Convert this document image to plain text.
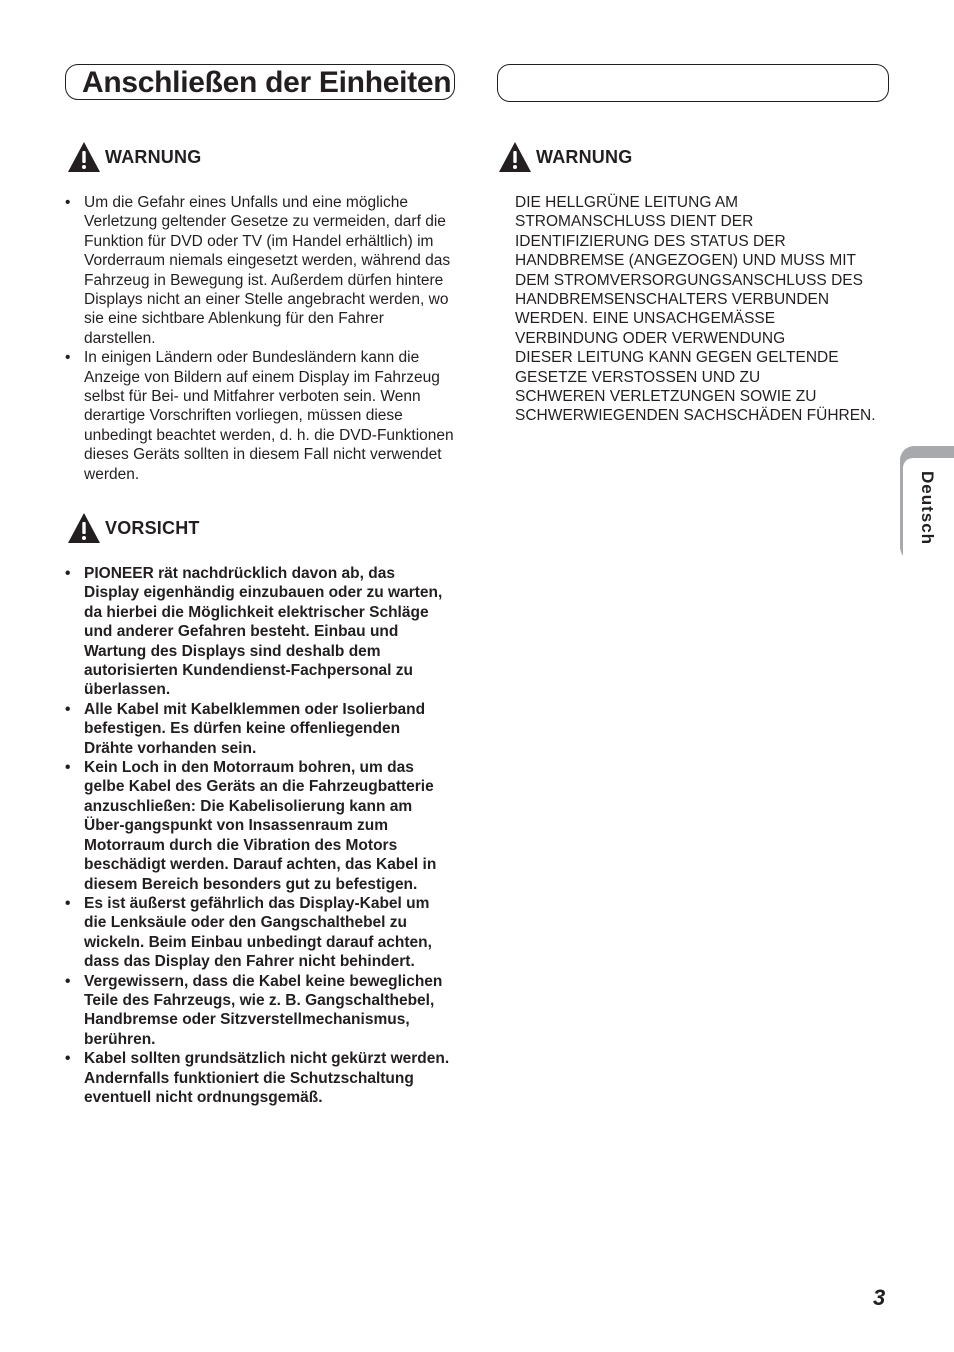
Anschließen der Einheiten
WARNUNG
• Um die Gefahr eines Unfalls und eine mögliche Verletzung geltender Gesetze zu vermeiden, darf die Funktion für DVD oder TV (im Handel erhältlich) im Vorderraum niemals eingesetzt werden, während das Fahrzeug in Bewegung ist. Außerdem dürfen hintere Displays nicht an einer Stelle angebracht werden, wo sie eine sichtbare Ablenkung für den Fahrer darstellen.
• In einigen Ländern oder Bundesländern kann die Anzeige von Bildern auf einem Display im Fahrzeug selbst für Bei- und Mitfahrer verboten sein. Wenn derartige Vorschriften vorliegen, müssen diese unbedingt beachtet werden, d. h. die DVD-Funktionen dieses Geräts sollten in diesem Fall nicht verwendet werden.
VORSICHT
• PIONEER rät nachdrücklich davon ab, das Display eigenhändig einzubauen oder zu warten, da hierbei die Möglichkeit elektrischer Schläge und anderer Gefahren besteht. Einbau und Wartung des Displays sind deshalb dem autorisierten Kundendienst-Fachpersonal zu überlassen.
• Alle Kabel mit Kabelklemmen oder Isolierband befestigen. Es dürfen keine offenliegenden Drähte vorhanden sein.
• Kein Loch in den Motorraum bohren, um das gelbe Kabel des Geräts an die Fahrzeugbatterie anzuschließen: Die Kabelisolierung kann am Über-gangspunkt von Insassenraum zum Motorraum durch die Vibration des Motors beschädigt werden. Darauf achten, das Kabel in diesem Bereich besonders gut zu befestigen.
• Es ist äußerst gefährlich das Display-Kabel um die Lenksäule oder den Gangschalthebel zu wickeln. Beim Einbau unbedingt darauf achten, dass das Display den Fahrer nicht behindert.
• Vergewissern, dass die Kabel keine beweglichen Teile des Fahrzeugs, wie z. B. Gangschalthebel, Handbremse oder Sitzverstellmechanismus, berühren.
• Kabel sollten grundsätzlich nicht gekürzt werden. Andernfalls funktioniert die Schutzschaltung eventuell nicht ordnungsgemäß.
WARNUNG

DIE HELLGRÜNE LEITUNG AM
STROMANSCHLUSS DIENT DER
IDENTIFIZIERUNG DES STATUS DER
HANDBREMSE (ANGEZOGEN) UND MUSS MIT
DEM STROMVERSORGUNGSANSCHLUSS DES
HANDBREMSENSCHALTERS VERBUNDEN
WERDEN. EINE UNSACHGEMÄSSE
VERBINDUNG ODER VERWENDUNG
DIESER LEITUNG KANN GEGEN GELTENDE
GESETZE VERSTOSSEN UND ZU
SCHWEREN VERLETZUNGEN SOWIE ZU
SCHWERWIEGENDEN SACHSCHÄDEN FÜHREN.

Deutsch
3
